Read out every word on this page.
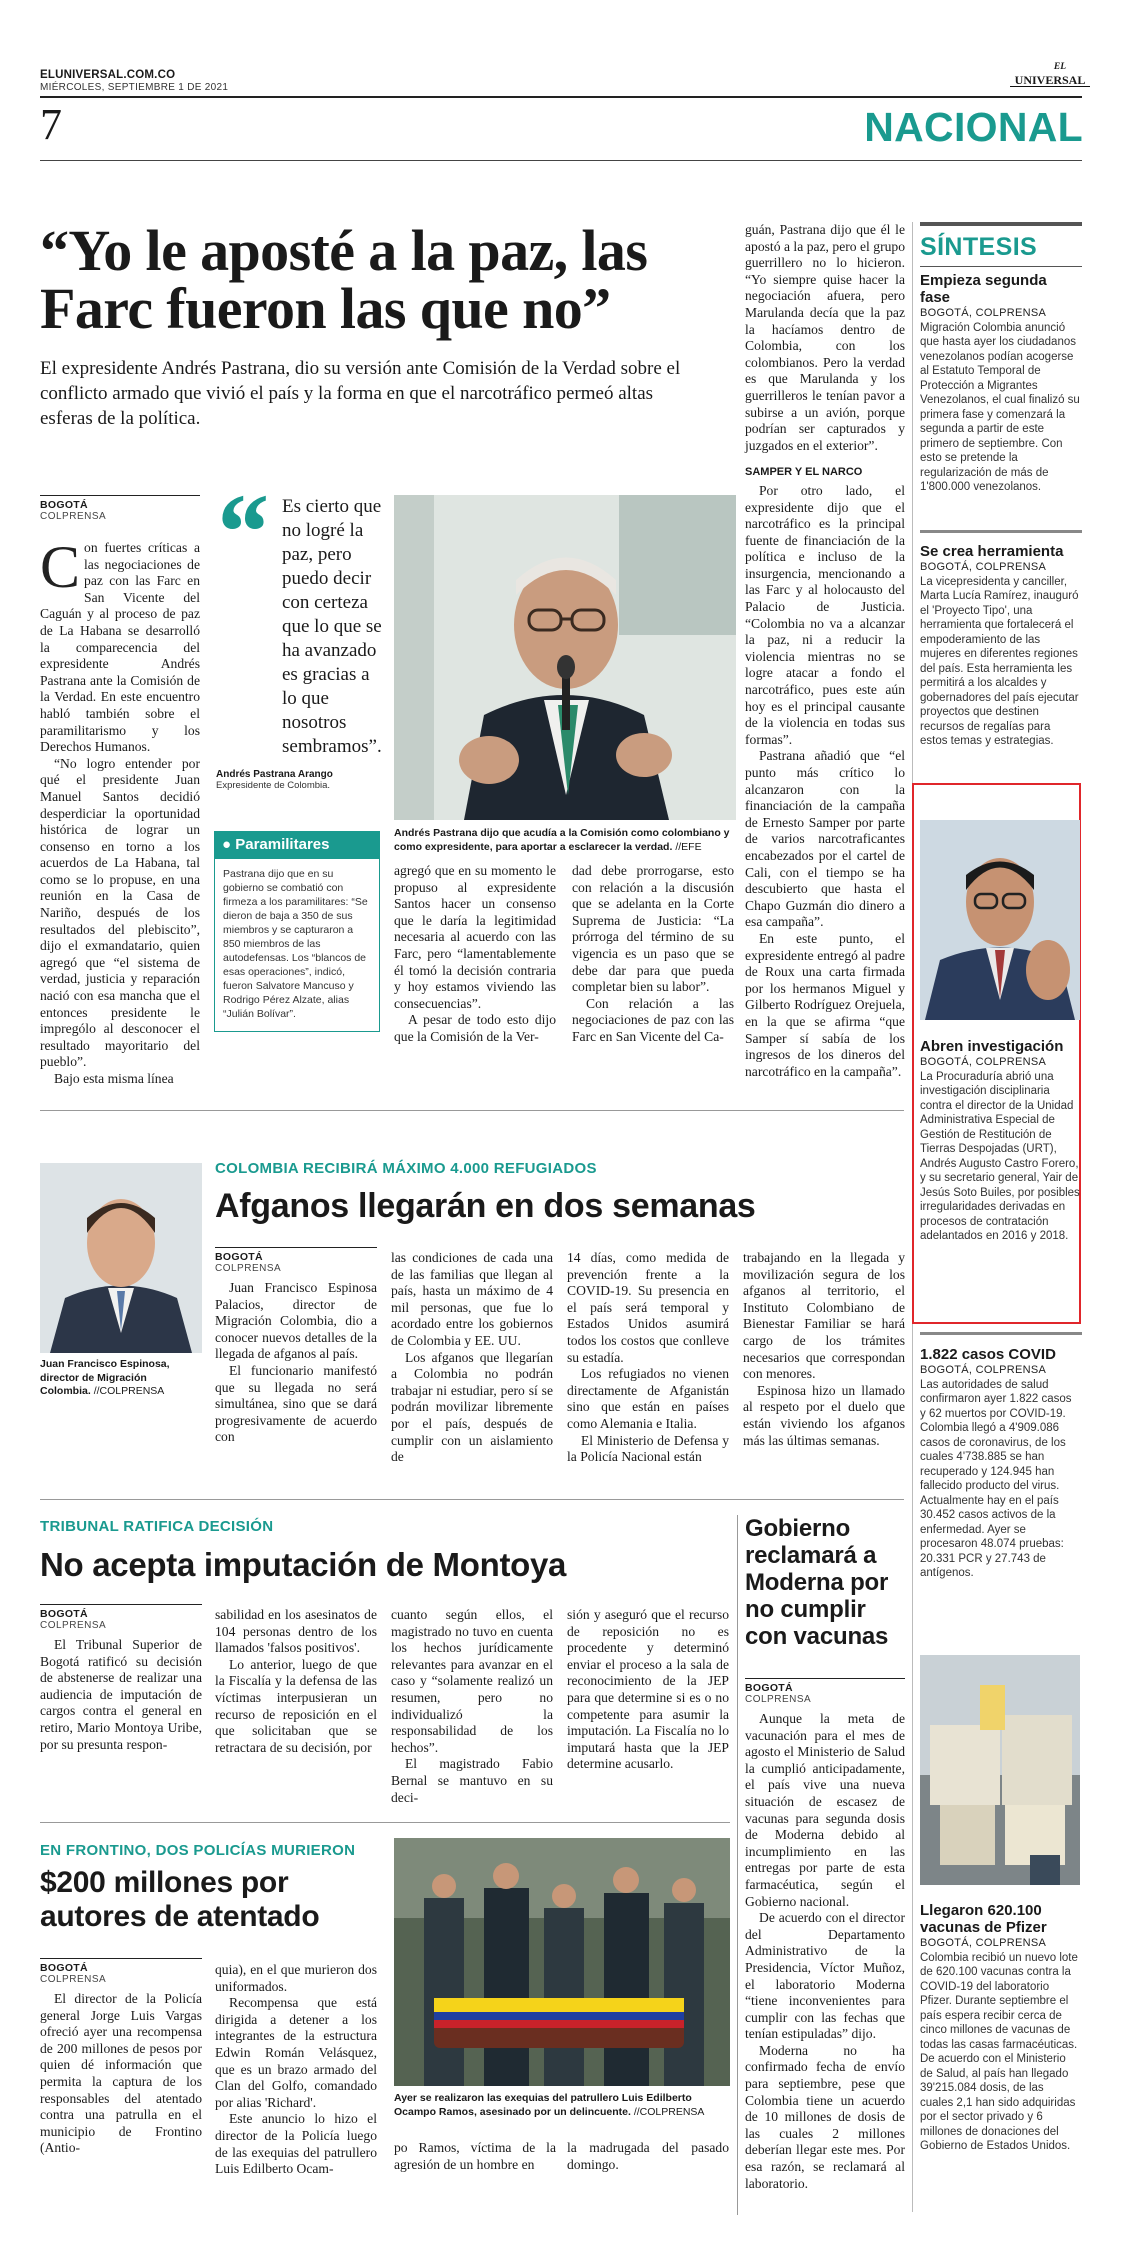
ELUNIVERSAL.COM.CO
MIÉRCOLES, SEPTIEMBRE 1 DE 2021
EL
UNIVERSAL
7	NACIONAL
“Yo le aposté a la paz, las
Farc fueron las que no”
El expresidente Andrés Pastrana, dio su versión ante Comisión de la Verdad sobre el conflicto armado que vivió el país y la forma en que el narcotráfico permeó altas esferas de la política.
BOGOTÁ
COLPRENSA

Con fuertes críticas a las negociaciones de paz con las Farc en San Vicente del Caguán y al proceso de paz de La Habana se desarrolló la comparecencia del expresidente Andrés Pastrana ante la Comisión de la Verdad. En este encuentro habló también sobre el paramilitarismo y los Derechos Humanos.

“No logro entender por qué el presidente Juan Manuel Santos decidió desperdiciar la oportunidad histórica de lograr un consenso en torno a los acuerdos de La Habana, tal como se lo propuse, en una reunión en la Casa de Nariño, después de los resultados del plebiscito”, dijo el exmandatario, quien agregó que “el sistema de verdad, justicia y reparación nació con esa mancha que el entonces presidente le imprególo al desconocer el resultado mayoritario del pueblo”.

Bajo esta misma línea

“ Es cierto que no logré la paz, pero puedo decir con certeza que lo que se ha avanzado es gracias a lo que nosotros sembramos”.
Andrés Pastrana Arango
Expresidente de Colombia.
● Paramilitares
Pastrana dijo que en su gobierno se combatió con firmeza a los paramilitares: “Se dieron de baja a 350 de sus miembros y se capturaron a 850 miembros de las autodefensas. Los “blancos de esas operaciones”, indicó, fueron Salvatore Mancuso y Rodrigo Pérez Alzate, alias “Julián Bolívar”.
Andrés Pastrana dijo que acudía a la Comisión como colombiano y como expresidente, para aportar a esclarecer la verdad. //EFE

agregó que en su momento le propuso al expresidente Santos hacer un consenso que le daría la legitimidad necesaria al acuerdo con las Farc, pero “lamentablemente él tomó la decisión contraria y hoy estamos viviendo las consecuencias”.

A pesar de todo esto dijo que la Comisión de la Ver-

dad debe prorrogarse, esto con relación a la discusión que se adelanta en la Corte Suprema de Justicia: “La prórroga del término de su vigencia es un paso que se debe dar para que pueda completar bien su labor”.

Con relación a las negociaciones de paz con las Farc en San Vicente del Ca-

guán, Pastrana dijo que él le apostó a la paz, pero el grupo guerrillero no lo hicieron. “Yo siempre quise hacer la negociación afuera, pero Marulanda decía que la paz la hacíamos dentro de Colombia, con los colombianos. Pero la verdad es que Marulanda y los guerrilleros le tenían pavor a subirse a un avión, porque podrían ser capturados y juzgados en el exterior”.

SAMPER Y EL NARCO

Por otro lado, el expresidente dijo que el narcotráfico es la principal fuente de financiación de la política e incluso de la insurgencia, mencionando a las Farc y al holocausto del Palacio de Justicia. “Colombia no va a alcanzar la paz, ni a reducir la violencia mientras no se logre atacar a fondo el narcotráfico, pues este aún hoy es el principal causante de la violencia en todas sus formas”.

Pastrana añadió que “el punto más crítico lo alcanzaron con la financiación de la campaña de Ernesto Samper por parte de varios narcotraficantes encabezados por el cartel de Cali, con el tiempo se ha descubierto que hasta el Chapo Guzmán dio dinero a esa campaña”.

En este punto, el expresidente entregó al padre de Roux una carta firmada por los hermanos Miguel y Gilberto Rodríguez Orejuela, en la que se afirma “que Samper sí sabía de los ingresos de los dineros del narcotráfico en la campaña”.

Juan Francisco Espinosa, director de Migración Colombia. //COLPRENSA
COLOMBIA RECIBIRÁ MÁXIMO 4.000 REFUGIADOS
Afganos llegarán en dos semanas
BOGOTÁ
COLPRENSA

Juan Francisco Espinosa Palacios, director de Migración Colombia, dio a conocer nuevos detalles de la llegada de afganos al país.

El funcionario manifestó que su llegada no será simultánea, sino que se dará progresivamente de acuerdo con

las condiciones de cada una de las familias que llegan al país, hasta un máximo de 4 mil personas, que fue lo acordado entre los gobiernos de Colombia y EE. UU.

Los afganos que llegarían a Colombia no podrán trabajar ni estudiar, pero sí se podrán movilizar libremente por el país, después de cumplir con un aislamiento de

14 días, como medida de prevención frente a la COVID-19. Su presencia en el país será temporal y Estados Unidos asumirá todos los costos que conlleve su estadía.

Los refugiados no vienen directamente de Afganistán sino que están en países como Alemania e Italia.

El Ministerio de Defensa y la Policía Nacional están

trabajando en la llegada y movilización segura de los afganos al territorio, el Instituto Colombiano de Bienestar Familiar se hará cargo de los trámites necesarios que correspondan con menores.

Espinosa hizo un llamado al respeto por el duelo que están viviendo los afganos más las últimas semanas.

TRIBUNAL RATIFICA DECISIÓN
No acepta imputación de Montoya
BOGOTÁ
COLPRENSA

El Tribunal Superior de Bogotá ratificó su decisión de abstenerse de realizar una audiencia de imputación de cargos contra el general en retiro, Mario Montoya Uribe, por su presunta respon-

sabilidad en los asesinatos de 104 personas dentro de los llamados 'falsos positivos'.

Lo anterior, luego de que la Fiscalía y la defensa de las víctimas interpusieran un recurso de reposición en el que solicitaban que se retractara de su decisión, por

cuanto según ellos, el magistrado no tuvo en cuenta los hechos jurídicamente relevantes para avanzar en el caso y “solamente realizó un resumen, pero no individualizó la responsabilidad de los hechos”.

El magistrado Fabio Bernal se mantuvo en su deci-

sión y aseguró que el recurso de reposición no es procedente y determinó enviar el proceso a la sala de reconocimiento de la JEP para que determine si es o no competente para asumir la imputación. La Fiscalía no lo imputará hasta que la JEP determine acusarlo.

Gobierno reclamará a Moderna por no cumplir con vacunas
BOGOTÁ
COLPRENSA

Aunque la meta de vacunación para el mes de agosto el Ministerio de Salud la cumplió anticipadamente, el país vive una nueva situación de escasez de vacunas para segunda dosis de Moderna debido al incumplimiento en las entregas por parte de esta farmacéutica, según el Gobierno nacional.

De acuerdo con el director del Departamento Administrativo de la Presidencia, Víctor Muñoz, el laboratorio Moderna “tiene inconvenientes para cumplir con las fechas que tenían estipuladas” dijo.

Moderna no ha confirmado fecha de envío para septiembre, pese que Colombia tiene un acuerdo de 10 millones de dosis de las cuales 2 millones deberían llegar este mes. Por esa razón, se reclamará al laboratorio.

EN FRONTINO, DOS POLICÍAS MURIERON
$200 millones por
autores de atentado
BOGOTÁ
COLPRENSA

El director de la Policía general Jorge Luis Vargas ofreció ayer una recompensa de 200 millones de pesos por quien dé información que permita la captura de los responsables del atentado contra una patrulla en el municipio de Frontino (Antio-

quia), en el que murieron dos uniformados.

Recompensa que está dirigida a detener a los integrantes de la estructura Edwin Román Velásquez, que es un brazo armado del Clan del Golfo, comandado por alias 'Richard'.

Este anuncio lo hizo el director de la Policía luego de las exequias del patrullero Luis Edilberto Ocam-

Ayer se realizaron las exequias del patrullero Luis Edilberto Ocampo Ramos, asesinado por un delincuente. //COLPRENSA

po Ramos, víctima de la agresión de un hombre en

la madrugada del pasado domingo.

SÍNTESIS
Empieza segunda fase
BOGOTÁ, COLPRENSA
Migración Colombia anunció que hasta ayer los ciudadanos venezolanos podían acogerse al Estatuto Temporal de Protección a Migrantes Venezolanos, el cual finalizó su primera fase y comenzará la segunda a partir de este primero de septiembre. Con esto se pretende la regularización de más de 1'800.000 venezolanos.
Se crea herramienta
BOGOTÁ, COLPRENSA
La vicepresidenta y canciller, Marta Lucía Ramírez, inauguró el 'Proyecto Tipo', una herramienta que fortalecerá el empoderamiento de las mujeres en diferentes regiones del país. Esta herramienta les permitirá a los alcaldes y gobernadores del país ejecutar proyectos que destinen recursos de regalías para estos temas y estrategias.
Abren investigación
BOGOTÁ, COLPRENSA
La Procuraduría abrió una investigación disciplinaria contra el director de la Unidad Administrativa Especial de Gestión de Restitución de Tierras Despojadas (URT), Andrés Augusto Castro Forero, y su secretario general, Yair de Jesús Soto Builes, por posibles irregularidades derivadas en procesos de contratación adelantados en 2016 y 2018.
1.822 casos COVID
BOGOTÁ, COLPRENSA
Las autoridades de salud confirmaron ayer 1.822 casos y 62 muertos por COVID-19. Colombia llegó a 4'909.086 casos de coronavirus, de los cuales 4'738.885 se han recuperado y 124.945 han fallecido producto del virus. Actualmente hay en el país 30.452 casos activos de la enfermedad. Ayer se procesaron 48.074 pruebas: 20.331 PCR y 27.743 de antígenos.
Llegaron 620.100 vacunas de Pfizer
BOGOTÁ, COLPRENSA
Colombia recibió un nuevo lote de 620.100 vacunas contra la COVID-19 del laboratorio Pfizer. Durante septiembre el país espera recibir cerca de cinco millones de vacunas de todas las casas farmacéuticas. De acuerdo con el Ministerio de Salud, al país han llegado 39'215.084 dosis, de las cuales 2,1 han sido adquiridas por el sector privado y 6 millones de donaciones del Gobierno de Estados Unidos.
